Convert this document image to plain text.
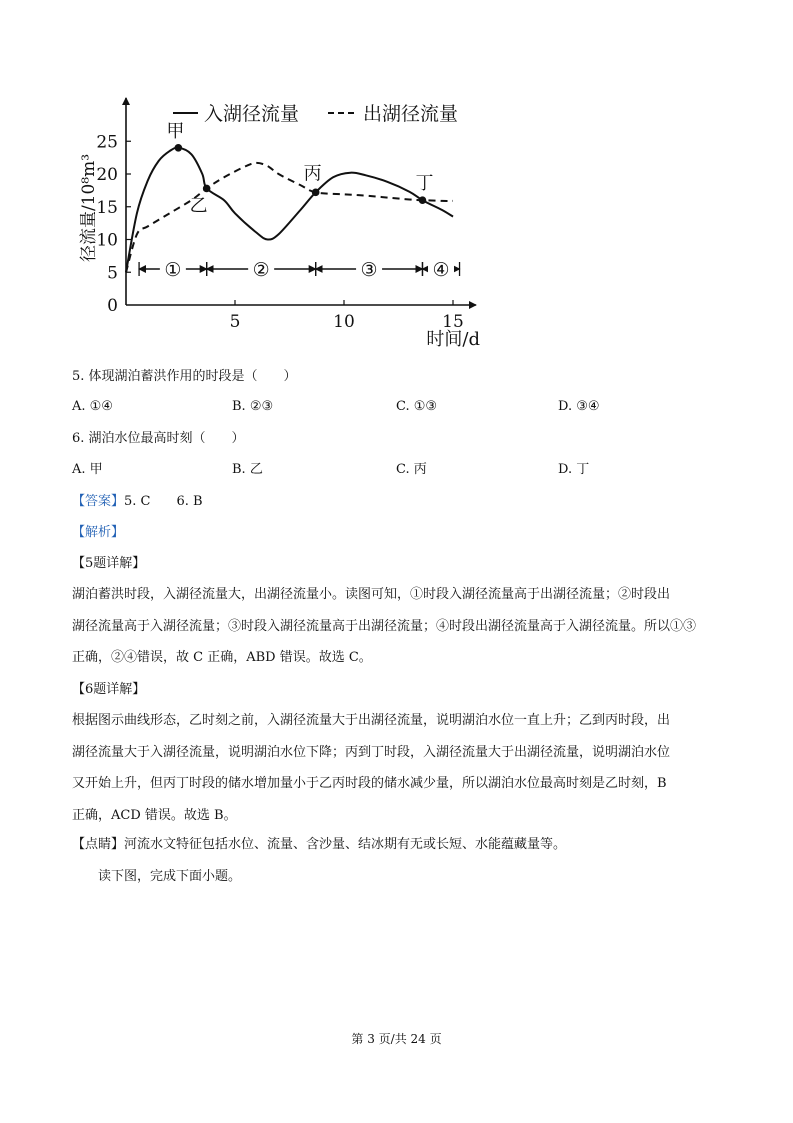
0
5
10
15
20
25
5	10	15
时间/d
径流量/10⁸m³
入湖径流量	出湖径流量
甲
乙
丙	丁
①	②	③	④
5. 体现湖泊蓄洪作用的时段是（　　）
A. ①④	B. ②③	C. ①③	D. ③④
6. 湖泊水位最高时刻（　　）
A. 甲	B. 乙	C. 丙	D. 丁
【答案】5. C　　6. B
【解析】
【5题详解】
湖泊蓄洪时段，入湖径流量大，出湖径流量小。读图可知，①时段入湖径流量高于出湖径流量；②时段出
湖径流量高于入湖径流量；③时段入湖径流量高于出湖径流量；④时段出湖径流量高于入湖径流量。所以①③
正确，②④错误，故 C 正确，ABD 错误。故选 C。
【6题详解】
根据图示曲线形态，乙时刻之前，入湖径流量大于出湖径流量，说明湖泊水位一直上升；乙到丙时段，出
湖径流量大于入湖径流量，说明湖泊水位下降；丙到丁时段，入湖径流量大于出湖径流量，说明湖泊水位
又开始上升，但丙丁时段的储水增加量小于乙丙时段的储水减少量，所以湖泊水位最高时刻是乙时刻，B
正确，ACD 错误。故选 B。
【点睛】河流水文特征包括水位、流量、含沙量、结冰期有无或长短、水能蕴藏量等。
读下图，完成下面小题。
第 3 页/共 24 页
